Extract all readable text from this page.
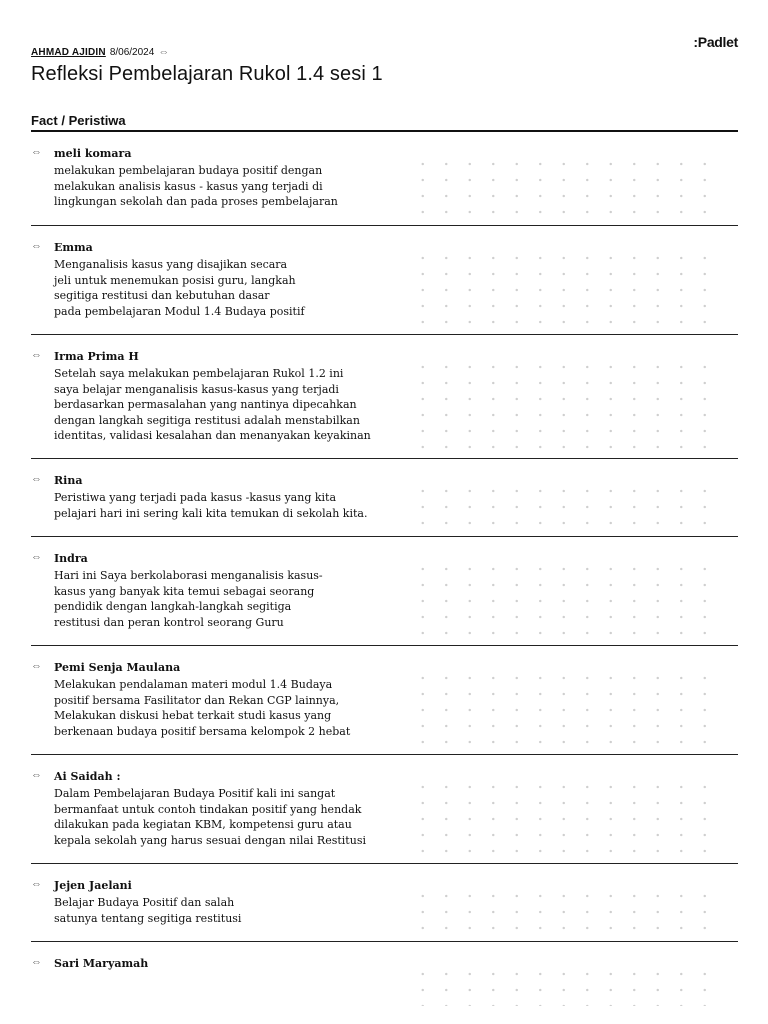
AHMAD AJIDIN 8/06/2024 ⇔
:Padlet
Refleksi Pembelajaran Rukol 1.4 sesi 1
Fact / Peristiwa
⇔ meli komara
melakukan pembelajaran budaya positif dengan
melakukan analisis kasus - kasus yang terjadi di
lingkungan sekolah dan pada proses pembelajaran
⇔ Emma
Menganalisis kasus yang disajikan secara
jeli untuk menemukan posisi guru, langkah
segitiga restitusi dan kebutuhan dasar
pada pembelajaran Modul 1.4 Budaya positif
⇔ Irma Prima H
Setelah saya melakukan pembelajaran Rukol 1.2 ini
saya belajar menganalisis kasus-kasus yang terjadi
berdasarkan permasalahan yang nantinya dipecahkan
dengan langkah segitiga restitusi adalah menstabilkan
identitas, validasi kesalahan dan menanyakan keyakinan
⇔ Rina
Peristiwa yang terjadi pada kasus -kasus yang kita
pelajari hari ini sering kali kita temukan di sekolah kita.
⇔ Indra
Hari ini Saya berkolaborasi menganalisis kasus-
kasus yang banyak kita temui sebagai seorang
pendidik dengan langkah-langkah segitiga
restitusi dan peran kontrol seorang Guru
⇔ Pemi Senja Maulana
Melakukan pendalaman materi modul 1.4 Budaya
positif bersama Fasilitator dan Rekan CGP lainnya,
Melakukan diskusi hebat terkait studi kasus yang
berkenaan budaya positif bersama kelompok 2 hebat
⇔ Ai Saidah :
Dalam Pembelajaran Budaya Positif kali ini sangat
bermanfaat untuk contoh tindakan positif yang hendak
dilakukan pada kegiatan KBM, kompetensi guru atau
kepala sekolah yang harus sesuai dengan nilai Restitusi
⇔ Jejen Jaelani
Belajar Budaya Positif dan salah
satunya tentang segitiga restitusi
⇔ Sari Maryamah
